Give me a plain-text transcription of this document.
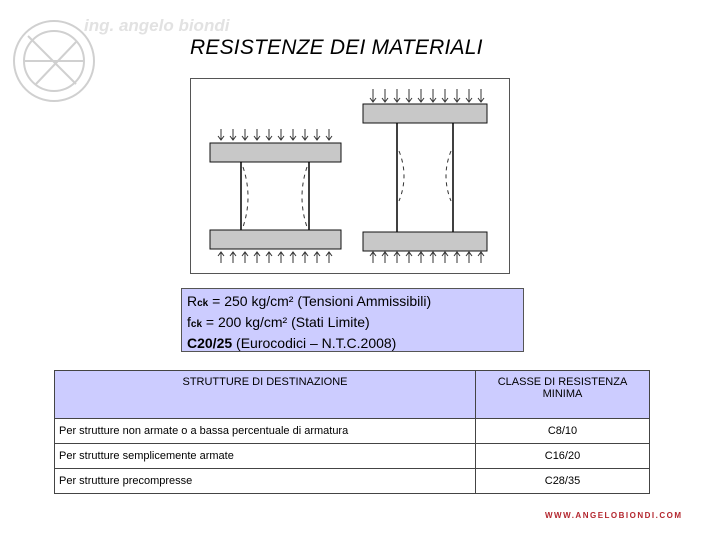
ing. angelo biondi
RESISTENZE DEI MATERIALI
Rck = 250 kg/cm² (Tensioni Ammissibili)
fck = 200 kg/cm² (Stati Limite)
C20/25 (Eurocodici – N.T.C.2008)
STRUTTURE DI DESTINAZIONE	CLASSE DI RESISTENZA MINIMA
Per strutture non armate o a bassa percentuale di armatura	C8/10
Per strutture semplicemente armate	C16/20
Per strutture precompresse	C28/35
WWW.ANGELOBIONDI.COM
